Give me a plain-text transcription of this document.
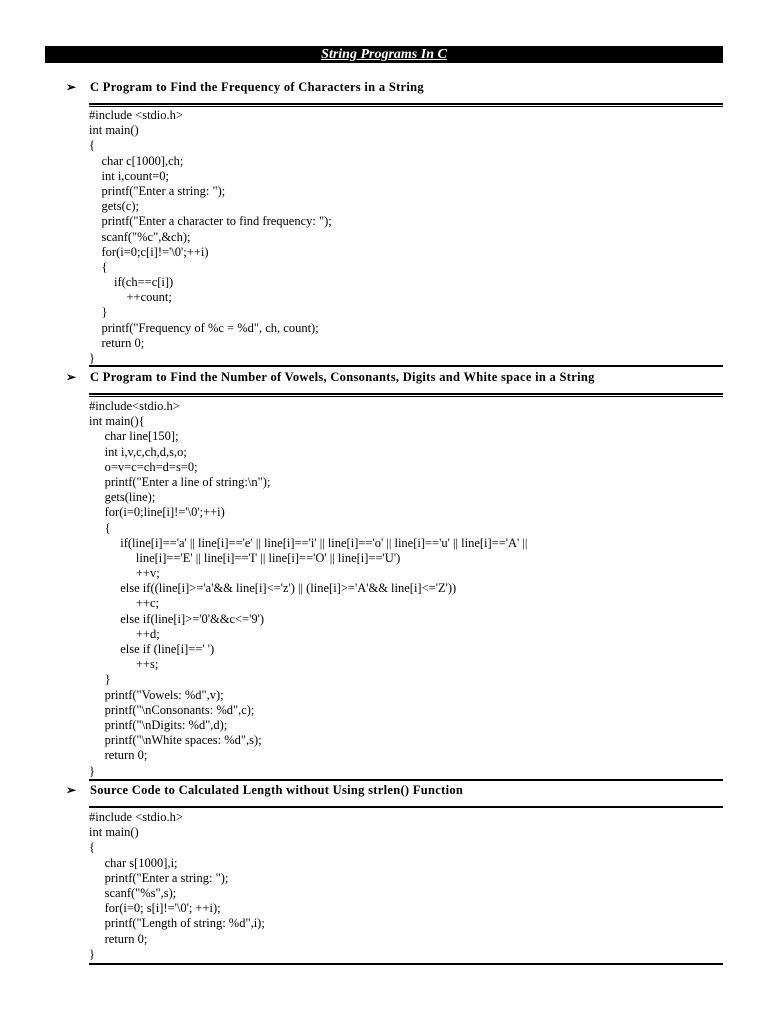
String Programs In C
➢ C Program to Find the Frequency of Characters in a String
#include <stdio.h>
int main()
{
char c[1000],ch;
int i,count=0;
printf("Enter a string: ");
gets(c);
printf("Enter a character to find frequency: ");
scanf("%c",&ch);
for(i=0;c[i]!='\0';++i)
{
if(ch==c[i])
++count;
}
printf("Frequency of %c = %d", ch, count);
return 0;
}
➢ C Program to Find the Number of Vowels, Consonants, Digits and White space in a String
#include<stdio.h>
int main(){
char line[150];
int i,v,c,ch,d,s,o;
o=v=c=ch=d=s=0;
printf("Enter a line of string:\n");
gets(line);
for(i=0;line[i]!='\0';++i)
{
if(line[i]=='a' || line[i]=='e' || line[i]=='i' || line[i]=='o' || line[i]=='u' || line[i]=='A' ||
line[i]=='E' || line[i]=='I' || line[i]=='O' || line[i]=='U')
++v;
else if((line[i]>='a'&& line[i]<='z') || (line[i]>='A'&& line[i]<='Z'))
++c;
else if(line[i]>='0'&&c<='9')
++d;
else if (line[i]==' ')
++s;
}
printf("Vowels: %d",v);
printf("\nConsonants: %d",c);
printf("\nDigits: %d",d);
printf("\nWhite spaces: %d",s);
return 0;
}
➢ Source Code to Calculated Length without Using strlen() Function
#include <stdio.h>
int main()
{
char s[1000],i;
printf("Enter a string: ");
scanf("%s",s);
for(i=0; s[i]!='\0'; ++i);
printf("Length of string: %d",i);
return 0;
}
